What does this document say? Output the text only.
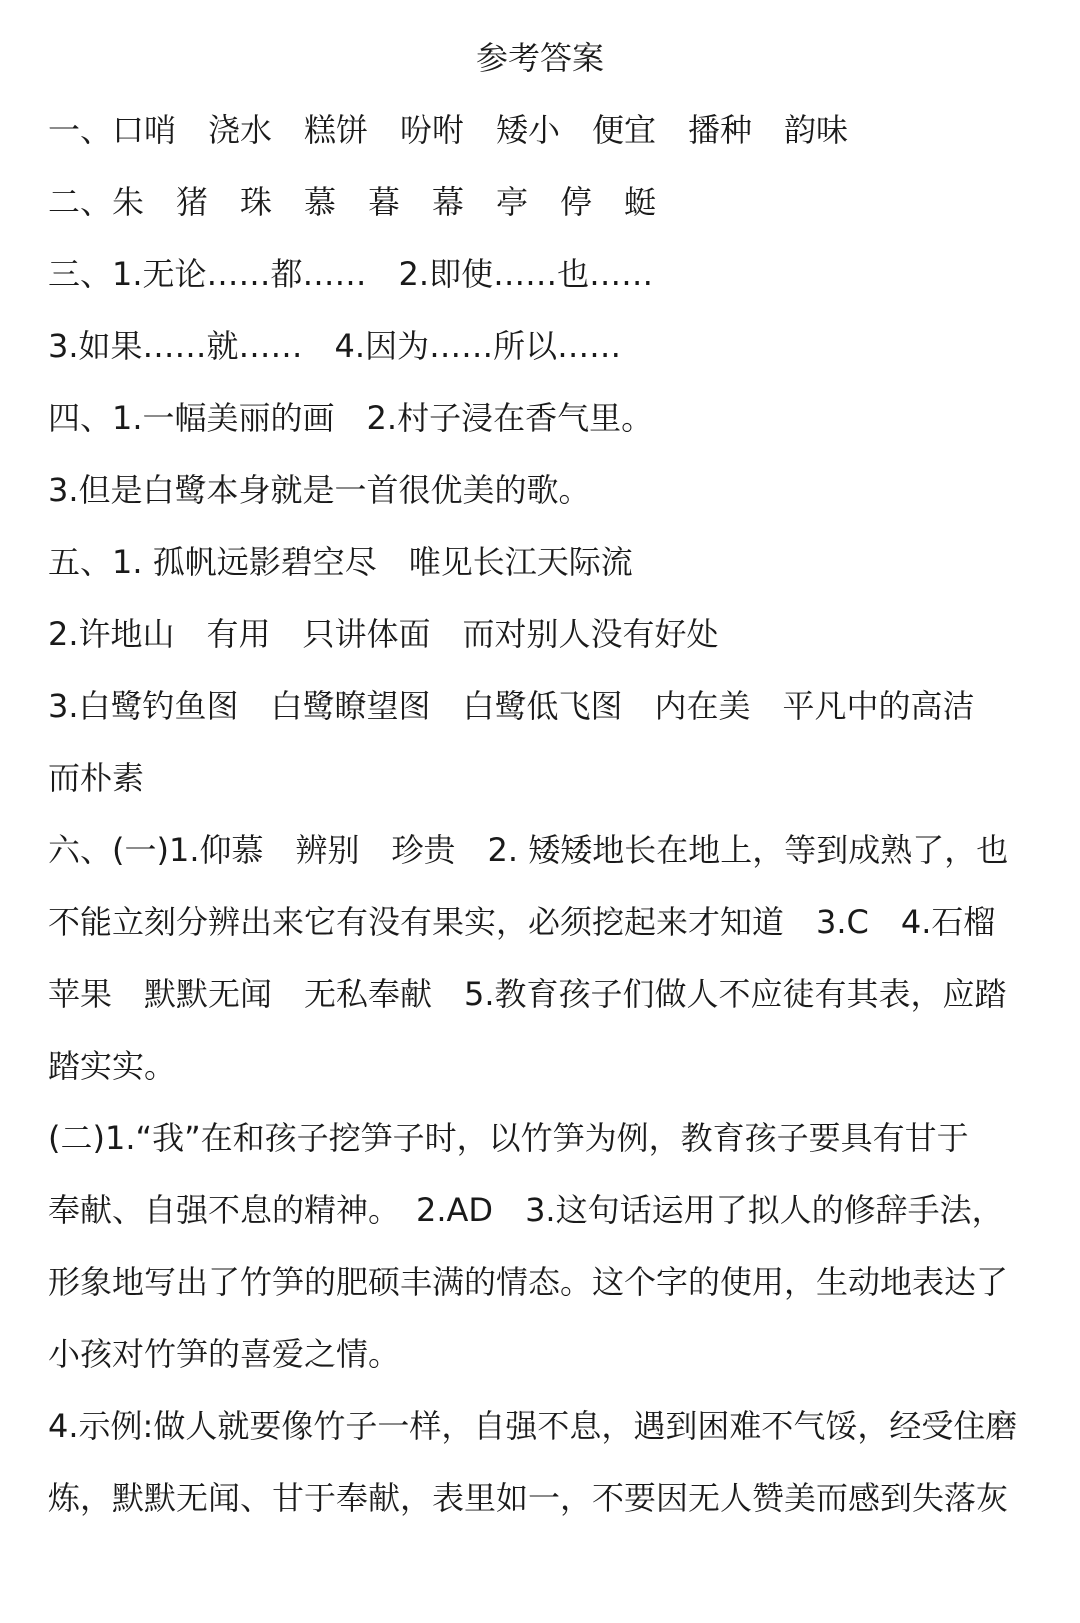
参考答案
一、口哨　浇水　糕饼　吩咐　矮小　便宜　播种　韵味
二、朱　猪　珠　慕　暮　幕　亭　停　蜓
三、1.无论……都……　2.即使……也……
3.如果……就……　4.因为……所以……
四、1.一幅美丽的画　2.村子浸在香气里。
3.但是白鹭本身就是一首很优美的歌。
五、1. 孤帆远影碧空尽　唯见长江天际流
2.许地山　有用　只讲体面　而对别人没有好处
3.白鹭钓鱼图　白鹭瞭望图　白鹭低飞图　内在美　平凡中的高洁
而朴素
六、(一)1.仰慕　辨别　珍贵　2. 矮矮地长在地上，等到成熟了，也
不能立刻分辨出来它有没有果实，必须挖起来才知道　3.C　4.石榴
苹果　默默无闻　无私奉献　5.教育孩子们做人不应徒有其表，应踏
踏实实。
(二)1.“我”在和孩子挖笋子时，以竹笋为例，教育孩子要具有甘于
奉献、自强不息的精神。　2.AD　3.这句话运用了拟人的修辞手法，
形象地写出了竹笋的肥硕丰满的情态。这个字的使用，生动地表达了
小孩对竹笋的喜爱之情。
4.示例:做人就要像竹子一样，自强不息，遇到困难不气馁，经受住磨
炼，默默无闻、甘于奉献，表里如一，不要因无人赞美而感到失落灰
